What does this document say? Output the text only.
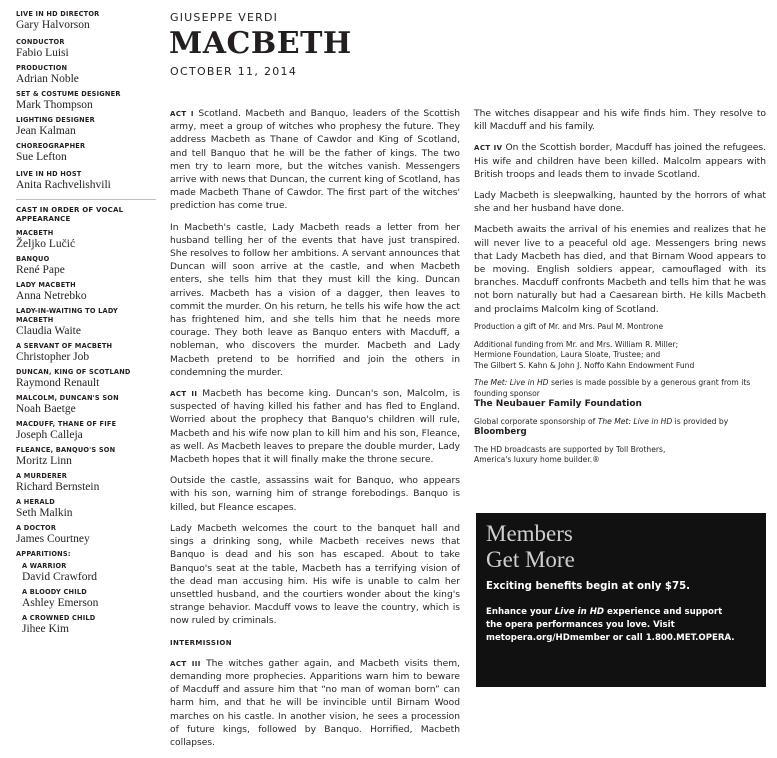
LIVE IN HD DIRECTOR
Gary Halvorson
CONDUCTOR
Fabio Luisi
PRODUCTION
Adrian Noble
SET & COSTUME DESIGNER
Mark Thompson
LIGHTING DESIGNER
Jean Kalman
CHOREOGRAPHER
Sue Lefton
LIVE IN HD HOST
Anita Rachvelishvili
CAST IN ORDER OF VOCAL APPEARANCE
MACBETH
Željko Lučić
BANQUO
René Pape
LADY MACBETH
Anna Netrebko
LADY-IN-WAITING TO LADY MACBETH
Claudia Waite
A SERVANT OF MACBETH
Christopher Job
DUNCAN, KING OF SCOTLAND
Raymond Renault
MALCOLM, DUNCAN'S SON
Noah Baetge
MACDUFF, THANE OF FIFE
Joseph Calleja
FLEANCE, BANQUO'S SON
Moritz Linn
A MURDERER
Richard Bernstein
A HERALD
Seth Malkin
A DOCTOR
James Courtney
APPARITIONS:
A WARRIOR
David Crawford
A BLOODY CHILD
Ashley Emerson
A CROWNED CHILD
Jihee Kim
GIUSEPPE VERDI
MACBETH
OCTOBER 11, 2014

ACT I Scotland. Macbeth and Banquo, leaders of the Scottish army, meet a group of witches who prophesy the future. They address Macbeth as Thane of Cawdor and King of Scotland, and tell Banquo that he will be the father of kings. The two men try to learn more, but the witches vanish. Messengers arrive with news that Duncan, the current king of Scotland, has made Macbeth Thane of Cawdor. The first part of the witches' prediction has come true.

In Macbeth's castle, Lady Macbeth reads a letter from her husband telling her of the events that have just transpired. She resolves to follow her ambitions. A servant announces that Duncan will soon arrive at the castle, and when Macbeth enters, she tells him that they must kill the king. Duncan arrives. Macbeth has a vision of a dagger, then leaves to commit the murder. On his return, he tells his wife how the act has frightened him, and she tells him that he needs more courage. They both leave as Banquo enters with Macduff, a nobleman, who discovers the murder. Macbeth and Lady Macbeth pretend to be horrified and join the others in condemning the murder.

ACT II Macbeth has become king. Duncan's son, Malcolm, is suspected of having killed his father and has fled to England. Worried about the prophecy that Banquo's children will rule, Macbeth and his wife now plan to kill him and his son, Fleance, as well. As Macbeth leaves to prepare the double murder, Lady Macbeth hopes that it will finally make the throne secure.

Outside the castle, assassins wait for Banquo, who appears with his son, warning him of strange forebodings. Banquo is killed, but Fleance escapes.

Lady Macbeth welcomes the court to the banquet hall and sings a drinking song, while Macbeth receives news that Banquo is dead and his son has escaped. About to take Banquo's seat at the table, Macbeth has a terrifying vision of the dead man accusing him. His wife is unable to calm her unsettled husband, and the courtiers wonder about the king's strange behavior. Macduff vows to leave the country, which is now ruled by criminals.

INTERMISSION

ACT III The witches gather again, and Macbeth visits them, demanding more prophecies. Apparitions warn him to beware of Macduff and assure him that “no man of woman born” can harm him, and that he will be invincible until Birnam Wood marches on his castle. In another vision, he sees a procession of future kings, followed by Banquo. Horrified, Macbeth collapses.

The witches disappear and his wife finds him. They resolve to kill Macduff and his family.

ACT IV On the Scottish border, Macduff has joined the refugees. His wife and children have been killed. Malcolm appears with British troops and leads them to invade Scotland.

Lady Macbeth is sleepwalking, haunted by the horrors of what she and her husband have done.

Macbeth awaits the arrival of his enemies and realizes that he will never live to a peaceful old age. Messengers bring news that Lady Macbeth has died, and that Birnam Wood appears to be moving. English soldiers appear, camouflaged with its branches. Macduff confronts Macbeth and tells him that he was not born naturally but had a Caesarean birth. He kills Macbeth and proclaims Malcolm king of Scotland.

Production a gift of Mr. and Mrs. Paul M. Montrone

Additional funding from Mr. and Mrs. William R. Miller;
Hermione Foundation, Laura Sloate, Trustee; and
The Gilbert S. Kahn & John J. Noffo Kahn Endowment Fund

The Met: Live in HD series is made possible by a generous grant from its founding sponsor
The Neubauer Family Foundation

Global corporate sponsorship of The Met: Live in HD is provided by
Bloomberg

The HD broadcasts are supported by Toll Brothers,
America's luxury home builder.®

Members
Get More
Exciting benefits begin at only $75.
Enhance your Live in HD experience and support
the opera performances you love. Visit
metopera.org/HDmember or call 1.800.MET.OPERA.
